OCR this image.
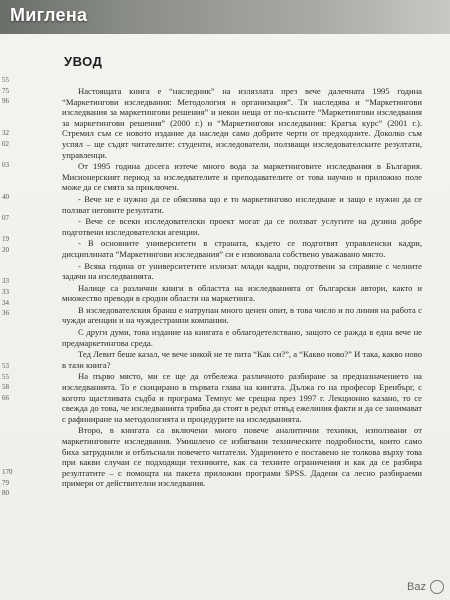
Миглена
55
75
96
32
02
03
40
07
19
20
33
33
34
36
53
55
58
66
170
79
80
УВОД

Настоящата книга е “наследник” на излязлата през вече далечната 1995 година “Маркетингови изследвания: Методология и организация”. Тя наследява и “Маркетингови изследвания за маркетингови решения” и некои неща от по-късните “Маркетингови изследвания за маркетингови решения” (2000 г.) и “Маркетингови изследвания: Кратък курс” (2001 г.). Стремил съм се новото издание да наследи само добрите черти от предходните. Доколко съм успял – ще съдят читателите: студенти, изследователи, ползващи изследователските резултати, управленци.

От 1995 година досега изтече много вода за маркетинговите изследвания в България. Мисионерският период за изследвателите и преподавателите от това научно и приложно поле може да се смята за приключен.

- Вече не е нужно да се обяснява що е то маркетингово изследване и защо е нужно да се ползват неговите резултати.

- Вече се всеки изследователски проект могат да се ползват услугите на дузина добре подготвени изследователски агенции.

- В основните университети в страната, където се подготвят управленски кадри, дисциплината “Маркетингови изследвания” си е извоювала собствено уважавано място.

- Всяка година от университетите излизат млади кадри, подготвени за справяне с челните задачи на изследванията.

Налице са различни книги в областта на изследванията от български автори, както и множество преводи в сродни области на маркетинга.

В изследователския бранш е натрупан много ценен опит, в това число и по линия на работа с чужди агенции и на чуждестранни компании.

С други думи, това издание на книгата е облагодетелствано, защото се ражда в една вече не предмаркетингова среда.

Тед Левит беше казал, че вече никой не те пита “Как си?”, а “Какво ново?” И така, какво ново в тази книга?

На първо място, ми се ще да отбележа различното разбиране за предназначението на изследванията. То е скицирано в първата глава на книгата. Дължа го на професор Еренбърг, с когото щастливата съдба и програма Темпус ме срещна през 1997 г. Лекционно казано, то се свежда до това, че изследванията трябва да стоят в редът отвъд ежелиния факти и да се занимават с рафиниране на методологията и процедурите на изследванията.

Второ, в книгата са включени много повече аналитични техники, използвани от маркетинговите изследвания. Умишлено се избягвани техническите подробности, които само биха затруднили и отблъснали повечето читатели. Ударението е поставено не толкова върху това при какви случаи се подходящи техниките, как са техните ограничения и как да се разбира резултатите – с помощта на пакета приложни програми SPSS. Дадени са лесно разбираеми примери от действителни изследвания.

Baz
